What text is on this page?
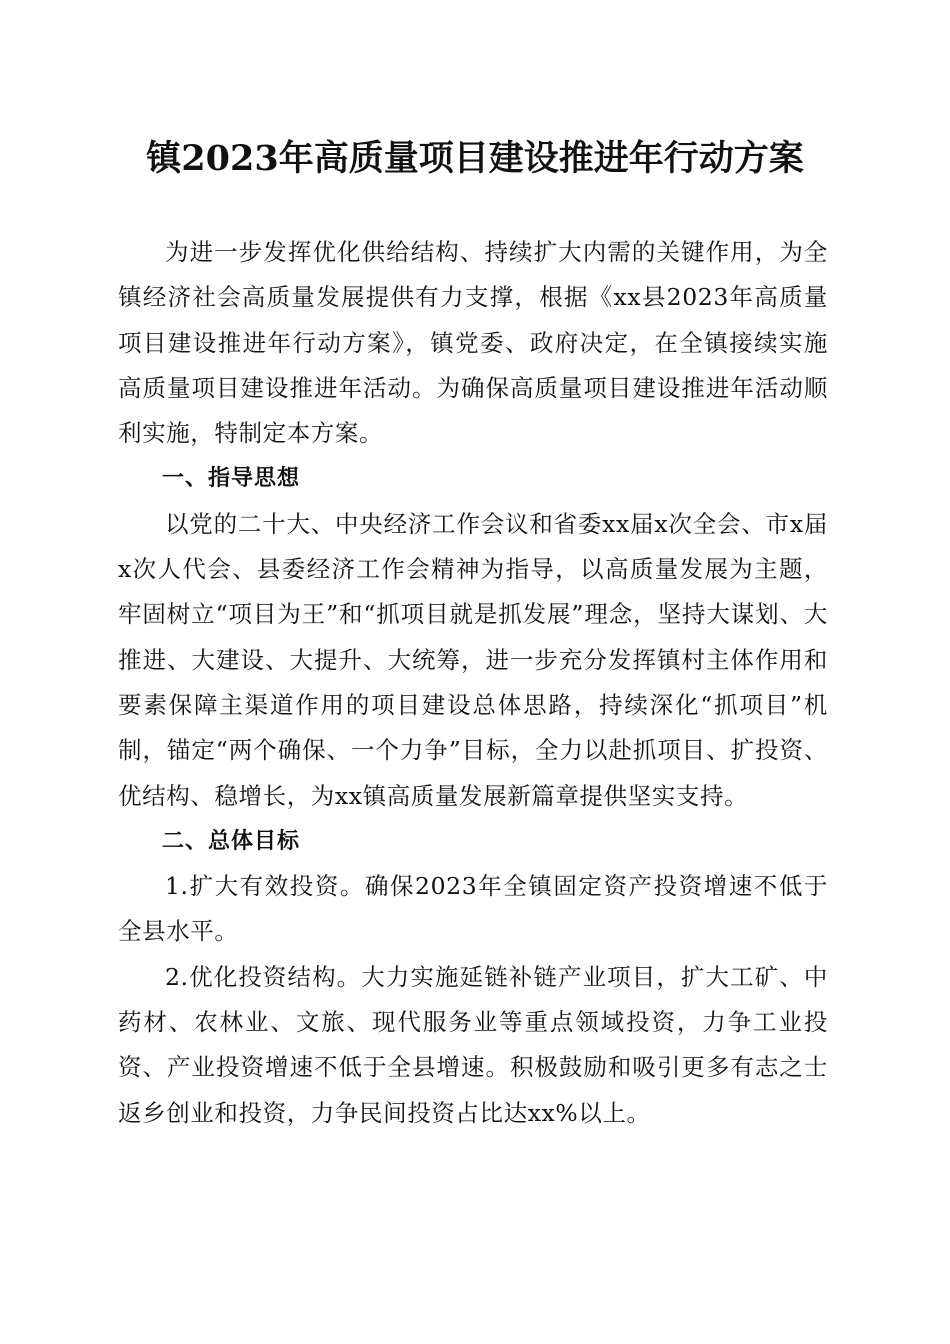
镇2023年高质量项目建设推进年行动方案

为进一步发挥优化供给结构、持续扩大内需的关键作用，为全镇经济社会高质量发展提供有力支撑，根据《xx县2023年高质量项目建设推进年行动方案》，镇党委、政府决定，在全镇接续实施高质量项目建设推进年活动。为确保高质量项目建设推进年活动顺利实施，特制定本方案。

一、指导思想

以党的二十大、中央经济工作会议和省委xx届x次全会、市x届x次人代会、县委经济工作会精神为指导，以高质量发展为主题，牢固树立“项目为王”和“抓项目就是抓发展”理念，坚持大谋划、大推进、大建设、大提升、大统筹，进一步充分发挥镇村主体作用和要素保障主渠道作用的项目建设总体思路，持续深化“抓项目”机制，锚定“两个确保、一个力争”目标，全力以赴抓项目、扩投资、优结构、稳增长，为xx镇高质量发展新篇章提供坚实支持。

二、总体目标

1.扩大有效投资。确保2023年全镇固定资产投资增速不低于全县水平。

2.优化投资结构。大力实施延链补链产业项目，扩大工矿、中药材、农林业、文旅、现代服务业等重点领域投资，力争工业投资、产业投资增速不低于全县增速。积极鼓励和吸引更多有志之士返乡创业和投资，力争民间投资占比达xx%以上。
